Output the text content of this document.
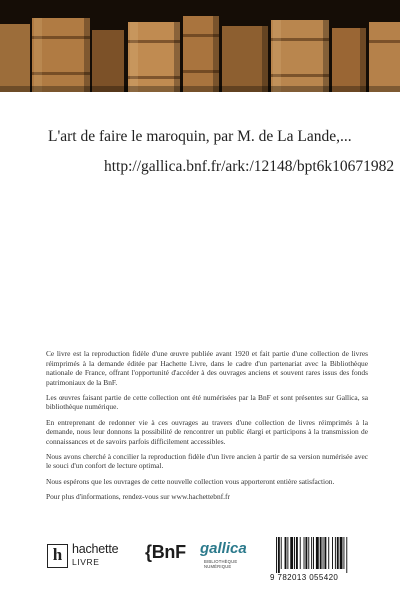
L'art de faire le maroquin, par M. de La Lande,...
http://gallica.bnf.fr/ark:/12148/bpt6k10671982

Ce livre est la reproduction fidèle d'une œuvre publiée avant 1920 et fait partie d'une collection de livres réimprimés à la demande éditée par Hachette Livre, dans le cadre d'un partenariat avec la Bibliothèque nationale de France, offrant l'opportunité d'accéder à des ouvrages anciens et souvent rares issus des fonds patrimoniaux de la BnF.

Les œuvres faisant partie de cette collection ont été numérisées par la BnF et sont présentes sur Gallica, sa bibliothèque numérique.

En entreprenant de redonner vie à ces ouvrages au travers d'une collection de livres réimprimés à la demande, nous leur donnons la possibilité de rencontrer un public élargi et participons à la transmission de connaissances et de savoirs parfois difficilement accessibles.

Nous avons cherché à concilier la reproduction fidèle d'un livre ancien à partir de sa version numérisée avec le souci d'un confort de lecture optimal.

Nous espérons que les ouvrages de cette nouvelle collection vous apporteront entière satisfaction.

Pour plus d'informations, rendez-vous sur www.hachettebnf.fr

h hachette
LIVRE	{BnF gallica
BIBLIOTHÈQUE NUMÉRIQUE
9 782013 055420
